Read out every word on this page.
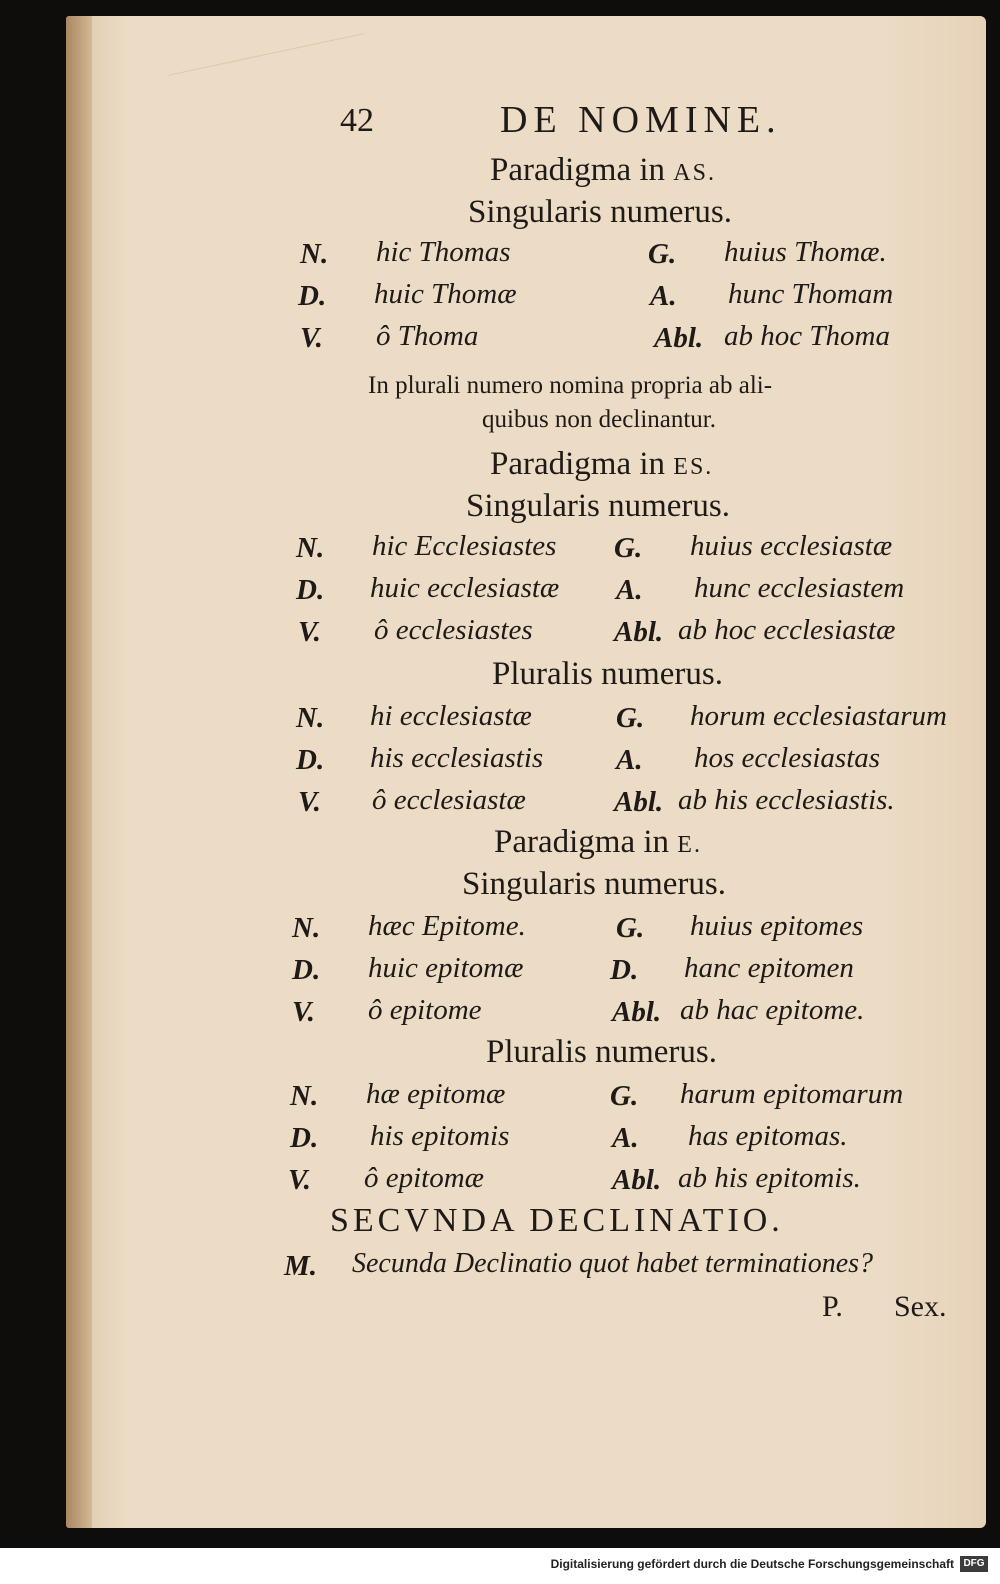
42	DE NOMINE.
Paradigma in AS.
Singularis numerus.
N. hic Thomas	G. huius Thomæ.
D. huic Thomæ	A. hunc Thomam
V. ô Thoma	Abl. ab hoc Thoma
In plurali numero nomina propria ab ali-
quibus non declinantur.
Paradigma in ES.
Singularis numerus.
N. hic Ecclesiastes G. huius ecclesiastæ
D. huic ecclesiastæ A. hunc ecclesiastem
V. ô ecclesiastes	Abl. ab hoc ecclesiastæ
Pluralis numerus.
N. hi ecclesiastæ	G. horum ecclesiastarum
D. his ecclesiastis	A. hos ecclesiastas
V. ô ecclesiastæ	Abl. ab his ecclesiastis.
Paradigma in E.
Singularis numerus.
N. hæc Epitome.	G. huius epitomes
D. huic epitomæ	D. hanc epitomen
V. ô epitome	Abl. ab hac epitome.
Pluralis numerus.
N. hæ epitomæ	G. harum epitomarum
D. his epitomis	A. has epitomas.
V. ô epitomæ	Abl. ab his epitomis.
SECVNDA DECLINATIO.
M. Secunda Declinatio quot habet terminationes?
P. Sex.
Digitalisierung gefördert durch die Deutsche Forschungsgemeinschaft DFG
